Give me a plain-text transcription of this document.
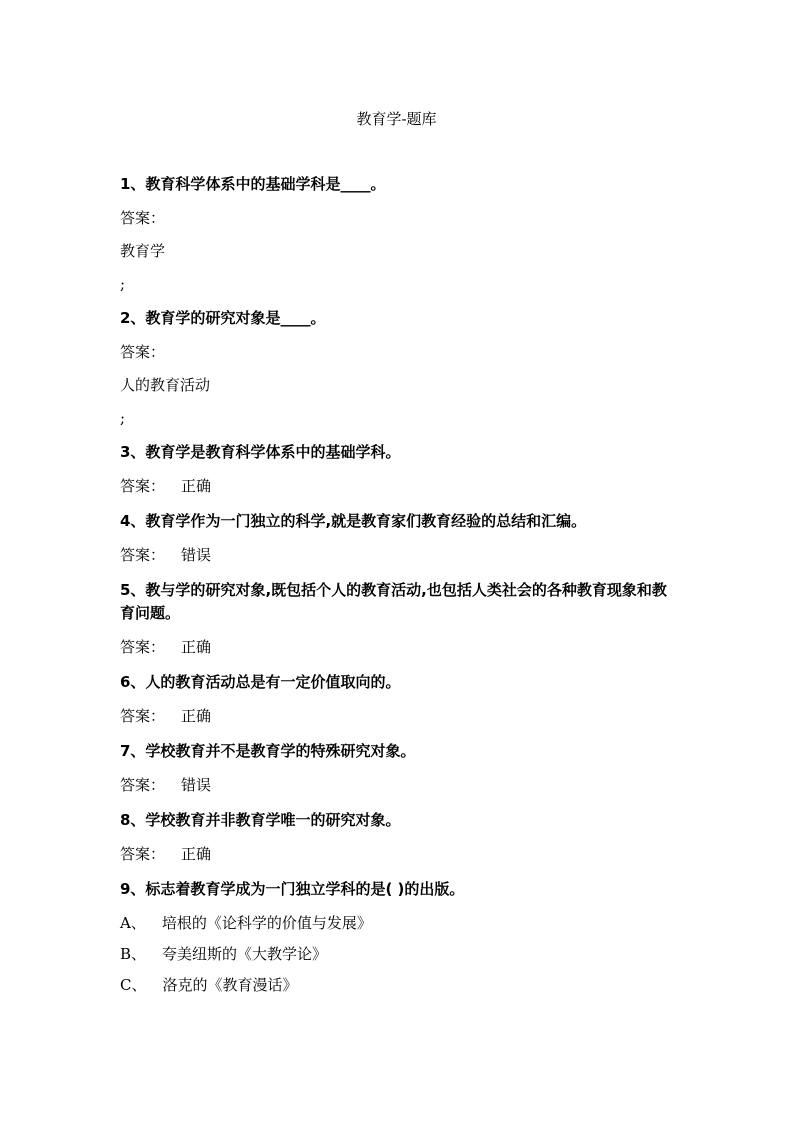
教育学-题库

1、教育科学体系中的基础学科是____。

答案：

教育学

;

2、教育学的研究对象是____。

答案：

人的教育活动

;

3、教育学是教育科学体系中的基础学科。

答案： 正确

4、教育学作为一门独立的科学,就是教育家们教育经验的总结和汇编。

答案： 错误

5、教与学的研究对象,既包括个人的教育活动,也包括人类社会的各种教育现象和教育问题。

答案： 正确

6、人的教育活动总是有一定价值取向的。

答案： 正确

7、学校教育并不是教育学的特殊研究对象。

答案： 错误

8、学校教育并非教育学唯一的研究对象。

答案： 正确

9、标志着教育学成为一门独立学科的是( )的出版。

A、 培根的《论科学的价值与发展》

B、 夸美纽斯的《大教学论》

C、 洛克的《教育漫话》
